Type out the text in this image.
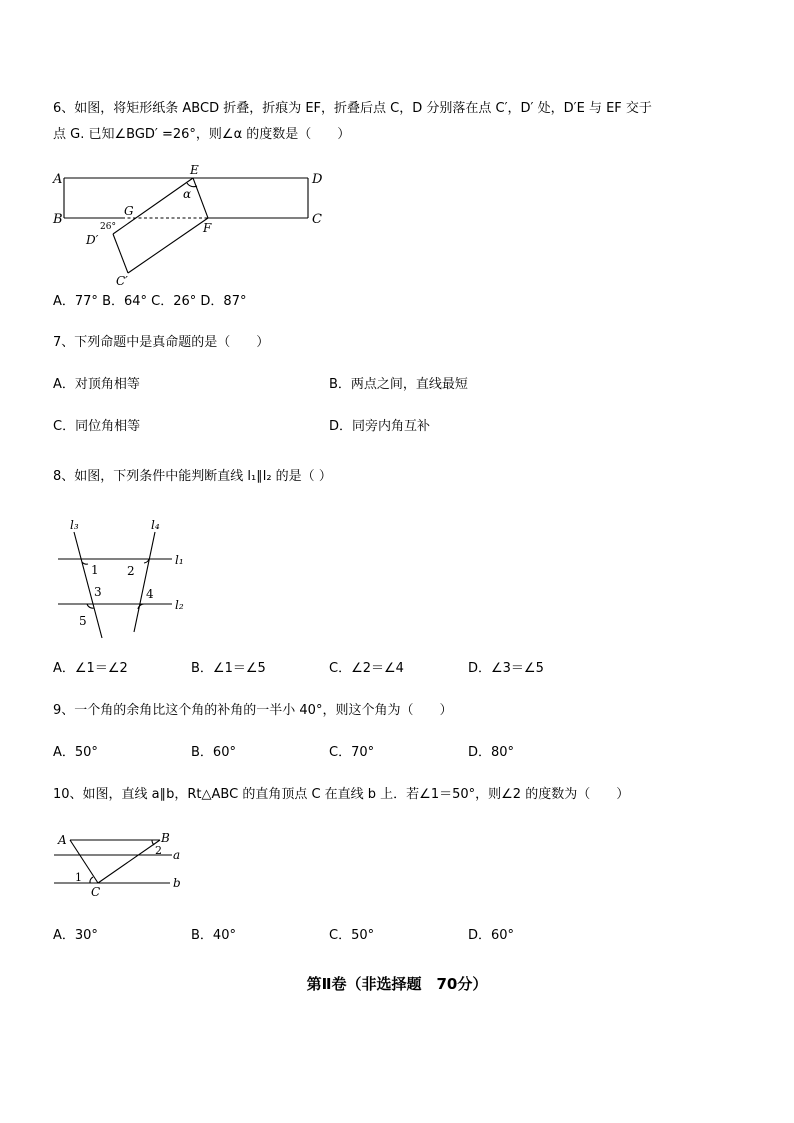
6、如图，将矩形纸条 ABCD 折叠，折痕为 EF，折叠后点 C，D 分别落在点 C′，D′ 处，D′E 与 EF 交于
点 G. 已知∠BGD′ =26°，则∠α 的度数是（　　）
A
B
D
C
E
F
G
D′
C′
α
26°
A．77° B．64° C．26° D．87°
7、下列命题中是真命题的是（　　）
A．对顶角相等	B．两点之间，直线最短
C．同位角相等	D．同旁内角互补
8、如图，下列条件中能判断直线 l₁∥l₂ 的是（ ）
l₃	l₄
l₁
l₂
1 2
3	4
5
A．∠1＝∠2	B．∠1＝∠5	C．∠2＝∠4	D．∠3＝∠5
9、一个角的余角比这个角的补角的一半小 40°，则这个角为（　　）
A．50°	B．60°	C．70°	D．80°
10、如图，直线 a∥b，Rt△ABC 的直角顶点 C 在直线 b 上．若∠1＝50°，则∠2 的度数为（　　）
A	B
C
a
b
1
2
A．30°	B．40°	C．50°	D．60°
第Ⅱ卷（非选择题　70分）
